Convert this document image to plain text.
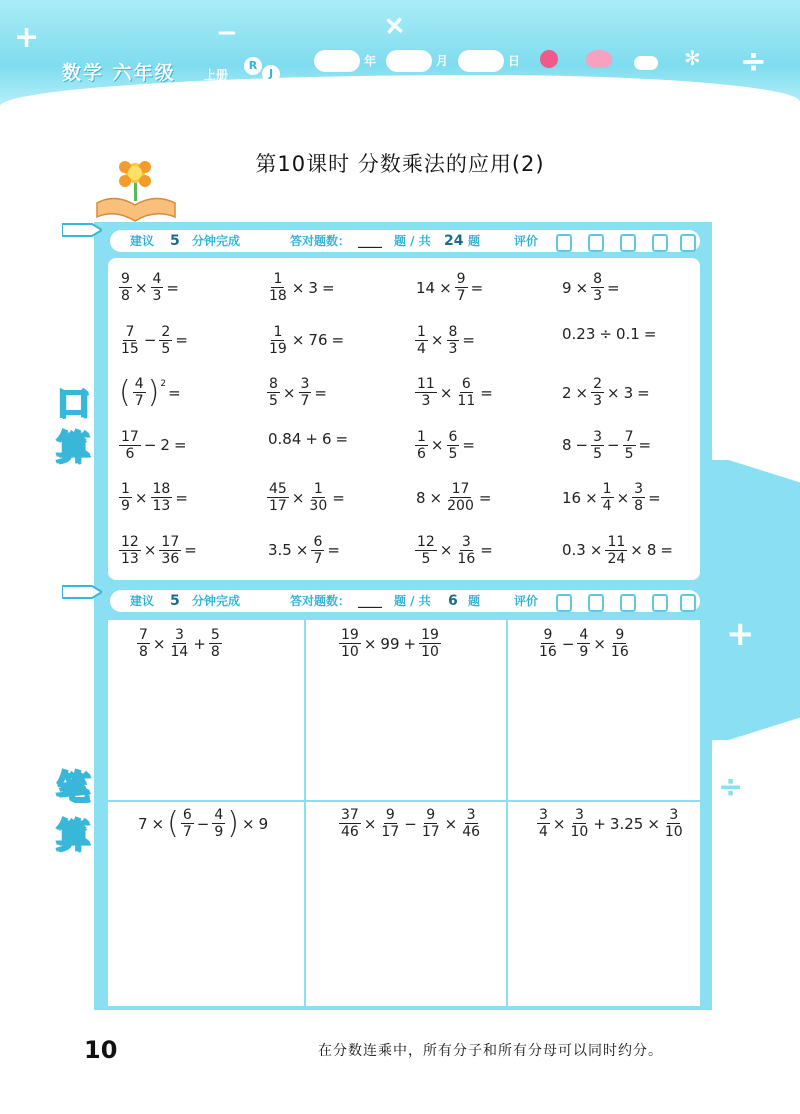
+	+
−
÷
数学 六年级 上册
R
J
年	月	日	✻
第10课时 分数乘法的应用(2)
+
÷
建议 5 分钟完成	答对题数： ____ 题 / 共 24 题	评价
口
算
$\frac{9}{8} \times \frac{4}{3}$ =	$\frac{1}{18} \times 3$ =	$14 \times \frac{9}{7}$ =	$9 \times \frac{8}{3}$ =
$\frac{7}{15} - \frac{2}{5}$ =	$\frac{1}{19} \times 76$ =	$\frac{1}{4} \times \frac{8}{3}$ =	0.23 ÷ 0.1 =
( $\frac{4}{7}$ ) 2 =	$\frac{8}{5} \times \frac{3}{7}$ =	$\frac{11}{3} \times \frac{6}{11}$ =	$2 \times \frac{2}{3} \times 3$ =
$\frac{17}{6} - 2$ =	0.84 + 6 =	$\frac{1}{6} \times \frac{6}{5}$ =	$8 - \frac{3}{5} - \frac{7}{5}$ =
$\frac{1}{9} \times \frac{18}{13}$ =	$\frac{45}{17} \times \frac{1}{30}$ =	$8 \times \frac{17}{200}$ =	$16 \times \frac{1}{4} \times \frac{3}{8}$ =
$\frac{12}{13} \times \frac{17}{36}$ =	$3.5 \times \frac{6}{7}$ =	$\frac{12}{5} \times \frac{3}{16}$ =	$0.3 \times \frac{11}{24} \times 8$ =
建议 5 分钟完成	答对题数： ____ 题 / 共 6 题	评价
笔
算
$\frac{7}{8} \times \frac{3}{14} + \frac{5}{8}$	$\frac{19}{10} \times 99 + \frac{19}{10}$	$\frac{9}{16} - \frac{4}{9} \times \frac{9}{16}$
7 × ( $\frac{6}{7} - \frac{4}{9}$ ) × 9	$\frac{37}{46} \times \frac{9}{17} - \frac{9}{17} \times \frac{3}{46}$	$\frac{3}{4} \times \frac{3}{10} + 3.25 \times \frac{3}{10}$
10	在分数连乘中，所有分子和所有分母可以同时约分。
